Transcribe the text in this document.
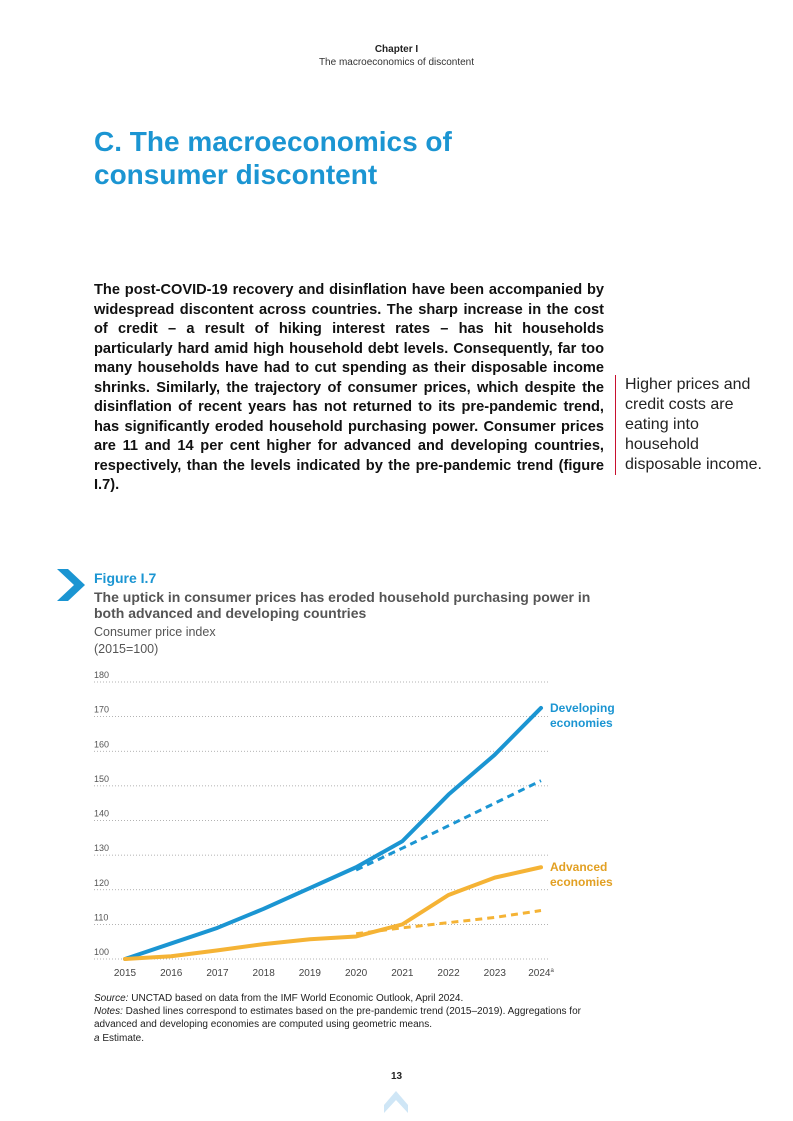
Chapter I
The macroeconomics of discontent
C. The macroeconomics of consumer discontent

The post-COVID-19 recovery and disinflation have been accompanied by widespread discontent across countries. The sharp increase in the cost of credit – a result of hiking interest rates – has hit households particularly hard amid high household debt levels. Consequently, far too many households have had to cut spending as their disposable income shrinks. Similarly, the trajectory of consumer prices, which despite the disinflation of recent years has not returned to its pre-pandemic trend, has significantly eroded household purchasing power. Consumer prices are 11 and 14 per cent higher for advanced and developing countries, respectively, than the levels indicated by the pre-pandemic trend (figure I.7).

Higher prices and credit costs are eating into household disposable income.
Figure I.7
The uptick in consumer prices has eroded household purchasing power in both advanced and developing countries
Consumer price index
(2015=100)
100
110
120
130
140
150
160
170
180
2015 2016 2017 2018 2019 2020 2021 2022 2023 2024$^a$
Developing economies
Advanced economies
Source: UNCTAD based on data from the IMF World Economic Outlook, April 2024.
Notes: Dashed lines correspond to estimates based on the pre-pandemic trend (2015–2019). Aggregations for advanced and developing economies are computed using geometric means.
a Estimate.
13
